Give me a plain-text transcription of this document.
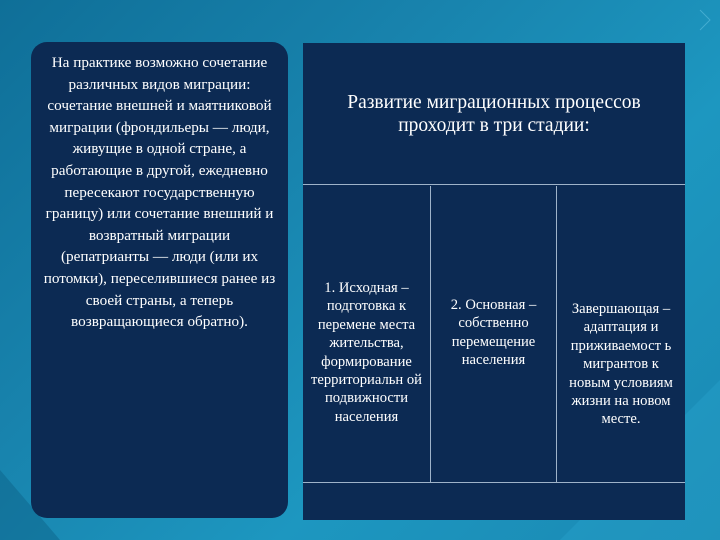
На практике возможно сочетание различных видов миграции: сочетание внешней и маятниковой миграции (фрондильеры — люди, живущие в одной стране, а работающие в другой, ежедневно пересекают государственную границу) или сочетание внешний и возвратный миграции (репатрианты — люди (или их потомки), переселившиеся ранее из своей страны, а теперь возвращающиеся обратно).
Развитие миграционных процессов проходит в три стадии:
1. Исходная – подготовка к перемене места жительства, формирование территориальн ой подвижности населения
2. Основная – собственно перемещение населения
Завершающая – адаптация и приживаемост ь мигрантов к новым условиям жизни на новом месте.
